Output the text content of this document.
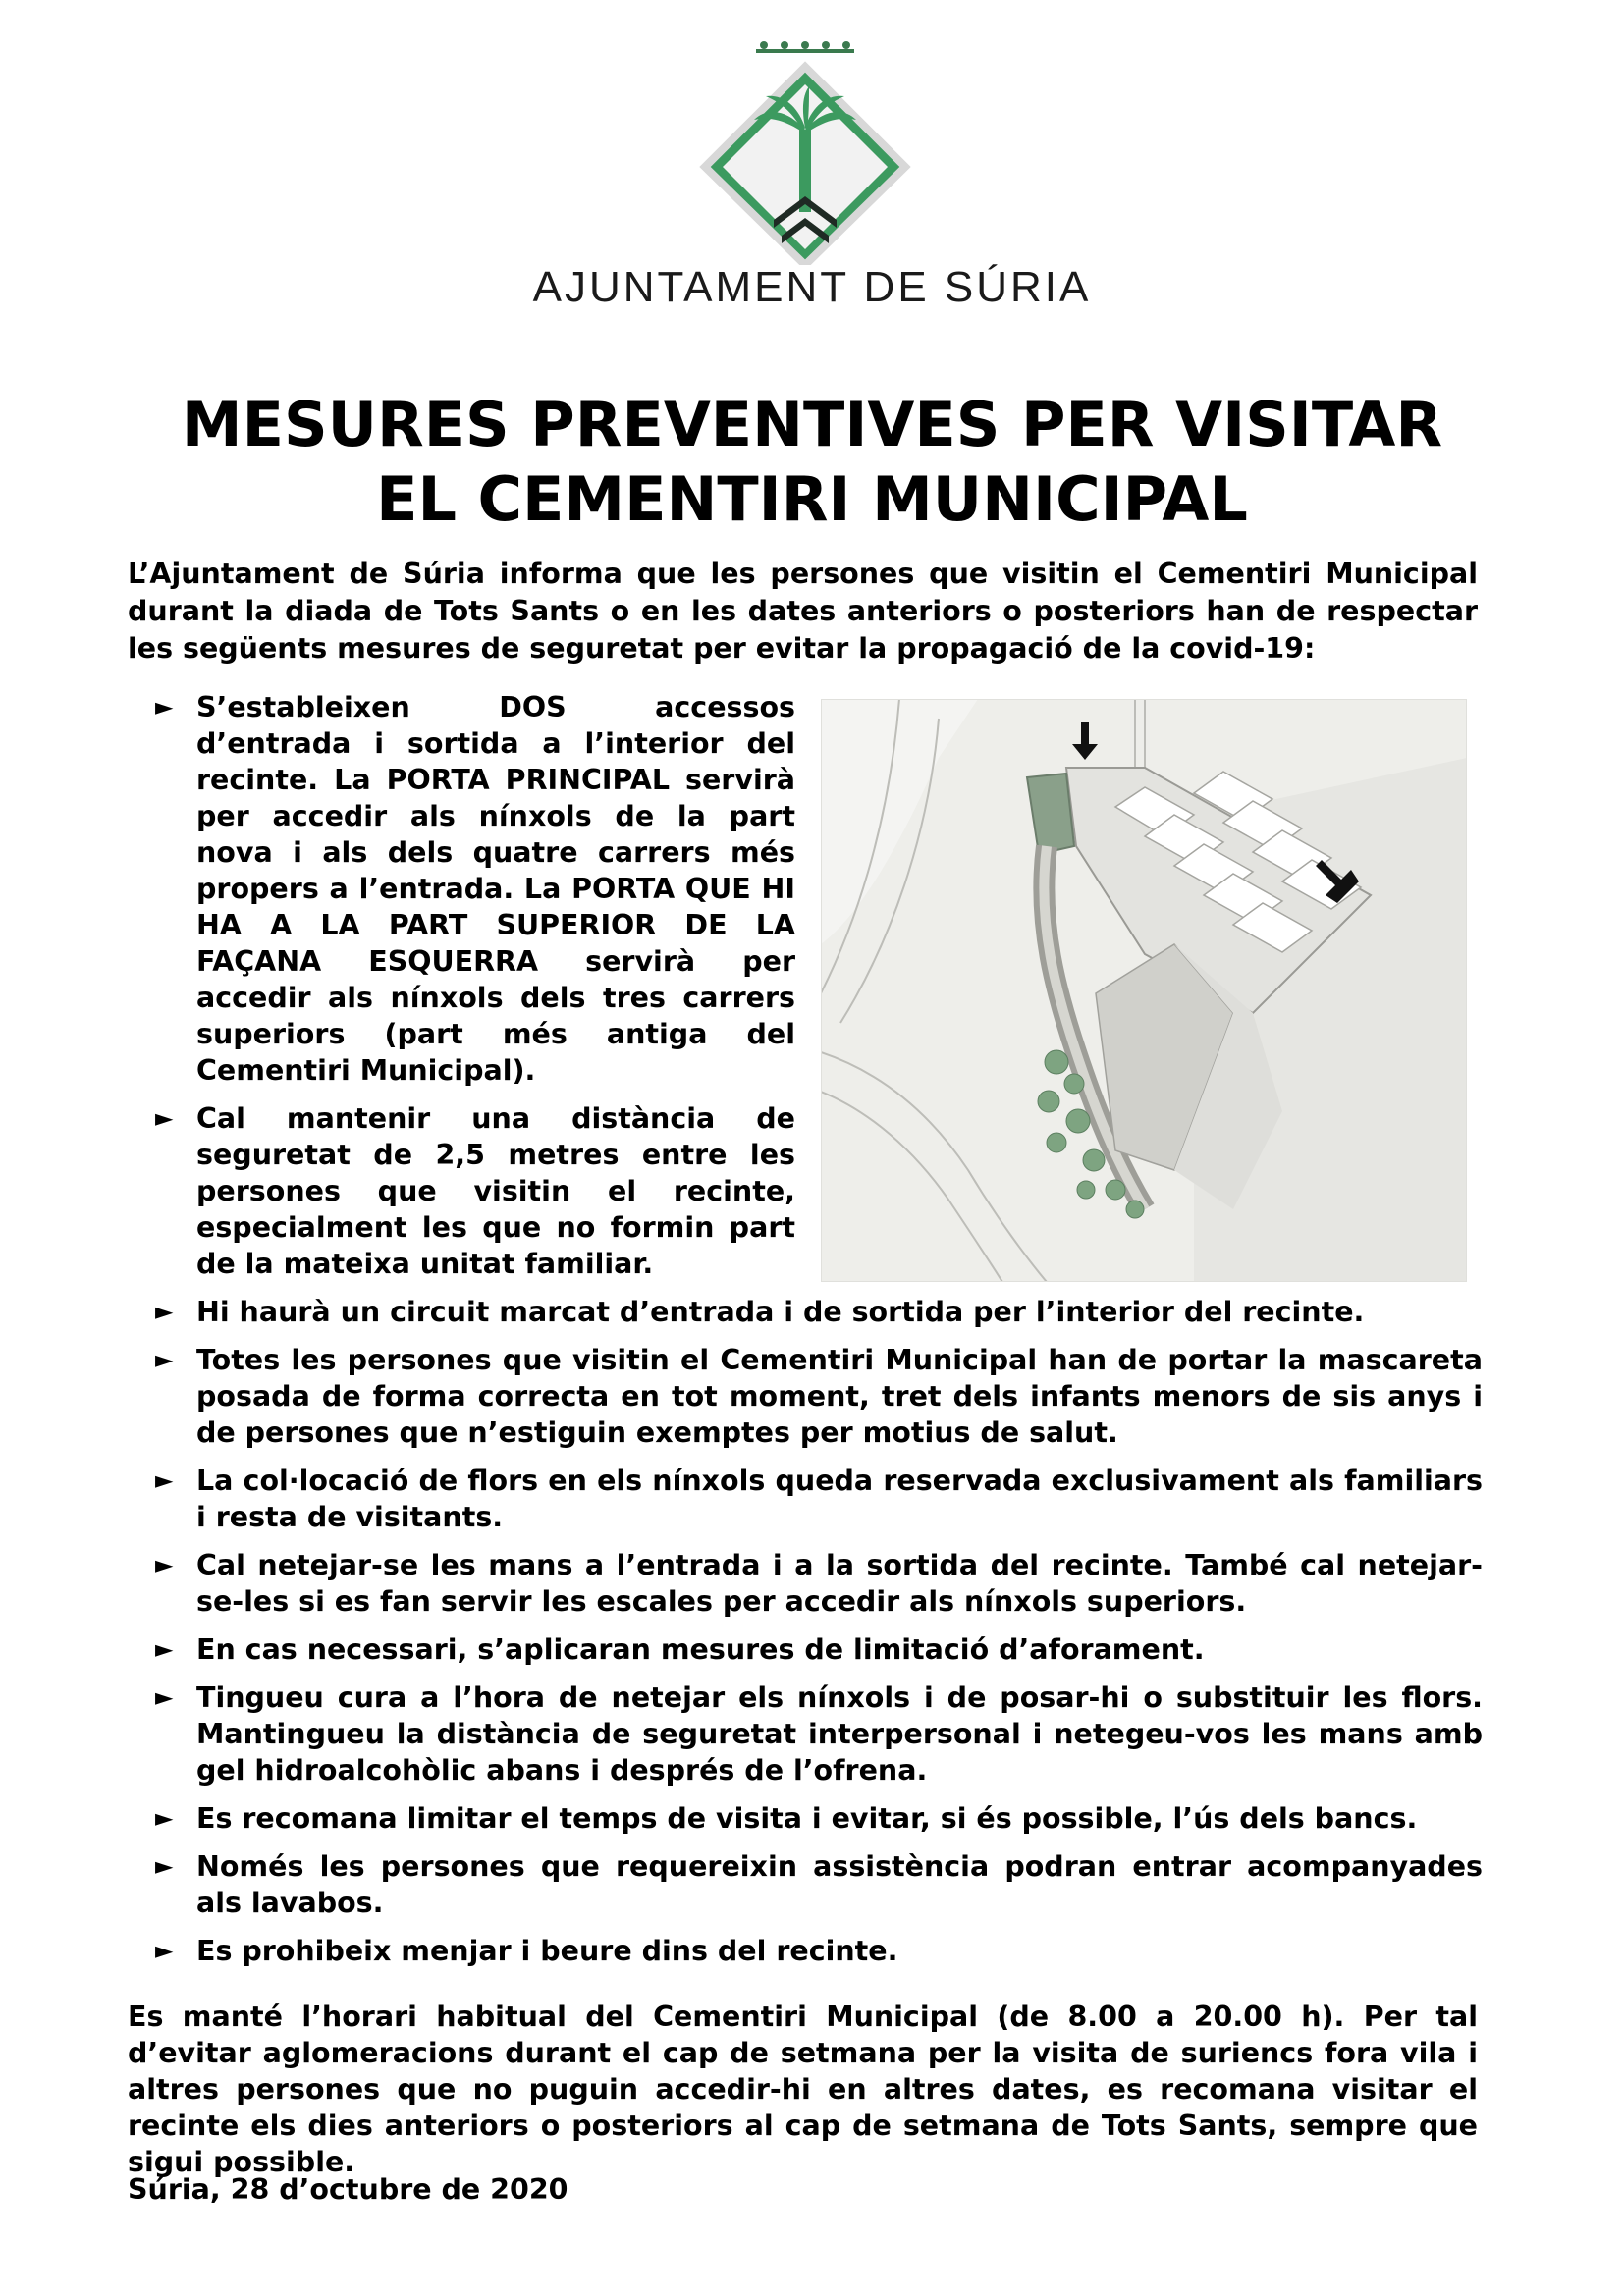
AJUNTAMENT DE SÚRIA
MESURES PREVENTIVES PER VISITAR
EL CEMENTIRI MUNICIPAL

L’Ajuntament de Súria informa que les persones que visitin el Cementiri Municipal durant la diada de Tots Sants o en les dates anteriors o posteriors han de respectar les següents mesures de seguretat per evitar la propagació de la covid-19:

► S’estableixen DOS accessos d’entrada i sortida a l’interior del recinte. La PORTA PRINCIPAL servirà per accedir als nínxols de la part nova i als dels quatre carrers més propers a l’entrada. La PORTA QUE HI HA A LA PART SUPERIOR DE LA FAÇANA ESQUERRA servirà per accedir als nínxols dels tres carrers superiors (part més antiga del Cementiri Municipal).
► Cal mantenir una distància de seguretat de 2,5 metres entre les persones que visitin el recinte, especialment les que no formin part de la mateixa unitat familiar.
► Hi haurà un circuit marcat d’entrada i de sortida per l’interior del recinte.
► Totes les persones que visitin el Cementiri Municipal han de portar la mascareta posada de forma correcta en tot moment, tret dels infants menors de sis anys i de persones que n’estiguin exemptes per motius de salut.
► La col·locació de flors en els nínxols queda reservada exclusivament als familiars i resta de visitants.
► Cal netejar-se les mans a l’entrada i a la sortida del recinte. També cal netejar-se-les si es fan servir les escales per accedir als nínxols superiors.
► En cas necessari, s’aplicaran mesures de limitació d’aforament.
► Tingueu cura a l’hora de netejar els nínxols i de posar-hi o substituir les flors. Mantingueu la distància de seguretat interpersonal i netegeu-vos les mans amb gel hidroalcohòlic abans i després de l’ofrena.
► Es recomana limitar el temps de visita i evitar, si és possible, l’ús dels bancs.
► Només les persones que requereixin assistència podran entrar acompanyades als lavabos.
► Es prohibeix menjar i beure dins del recinte.

Es manté l’horari habitual del Cementiri Municipal (de 8.00 a 20.00 h). Per tal d’evitar aglomeracions durant el cap de setmana per la visita de suriencs fora vila i altres persones que no puguin accedir-hi en altres dates, es recomana visitar el recinte els dies anteriors o posteriors al cap de setmana de Tots Sants, sempre que sigui possible.

Súria, 28 d’octubre de 2020
